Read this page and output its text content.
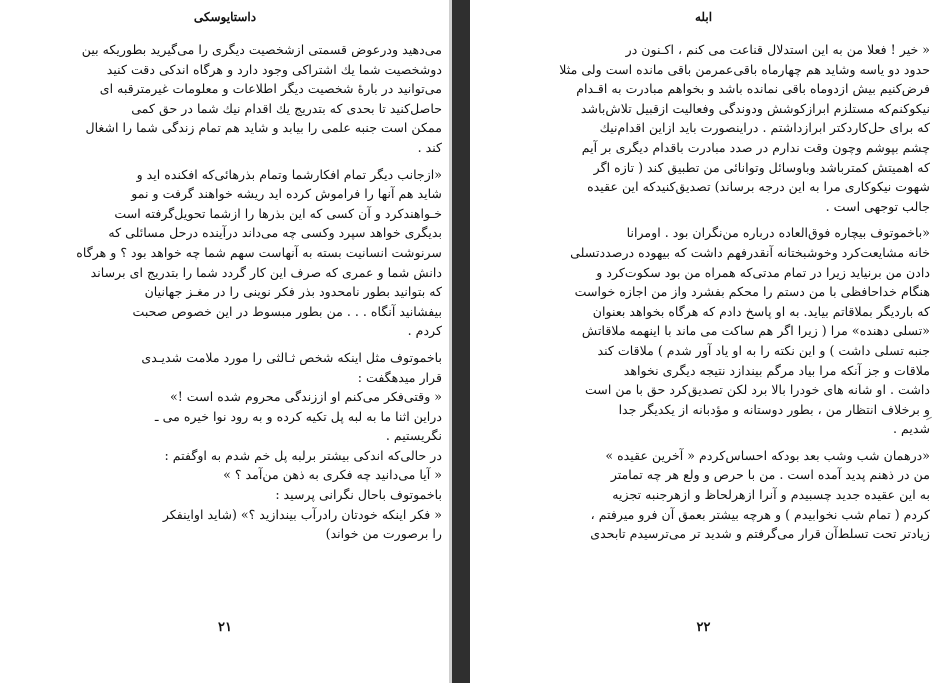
داستایوسکی
می‌دهید ودرعوض قسمتی ازشخصیت دیگری را می‌گیرید بطوریکه بین
دوشخصیت شما یك اشتراکی وجود دارد و هرگاه اندکی دقت کنید
می‌توانید در بارهٔ شخصیت دیگر اطلاعات و معلومات غیرمترقبه ای
حاصل‌کنید تا بحدی که بتدریج یك اقدام نیك شما در حق کمی
ممکن است جنبه علمی را بیابد و شاید هم تمام زندگی شما را اشغال
کند .
«ازجانب دیگر تمام افکارشما وتمام بذرهائی‌که افکنده اید و
شاید هم آنها را فراموش کرده اید ریشه خواهند گرفت و نمو
خـواهندکرد و آن کسی که این بذرها را ازشما تحویل‌گرفته است
بدیگری خواهد سپرد وکسی چه می‌داند درآینده درحل مسائلی که
سرنوشت انسانیت بسته به آنهاست سهم شما چه خواهد بود ؟ و هرگاه
دانش شما و عمری که صرف این کار گردد شما را بتدریج ای برساند
که بتوانید بطور نامحدود بذر فکر نوینی را در مغـز جهانیان
بیفشانید آنگاه . . . من بطور مبسوط در این خصوص صحبت
کردم .
باخموتوف مثل اینکه شخص ثـالثی را مورد ملامت شدیـدی
قرار میدهگفت :
« وقتی‌فکر می‌کنم او اززندگی محروم شده است !»
دراین اثنا ما به لبه پل تکیه کرده و به رود نوا خیره می ـ
نگریستیم .
در حالی‌که اندکی بیشتر برلبه پل خم شدم به اوگفتم :
« آیا می‌دانید چه فکری به ذهن من‌آمد ؟ »
باخموتوف باحال نگرانی پرسید :
« فکر اینکه خودتان رادرآب بیندازید ؟» (شاید اواینفکر
را برصورت من خواند)
۲۱
ابله
« خیر ! فعلا من به این استدلال قناعت می کنم ، اکـنون در
حدود دو یاسه وشاید هم چهارماه باقی‌عمرمن باقی مانده است ولی مثلا
فرض‌کنیم بیش ازدوماه باقی نمانده باشد و بخواهم مبادرت به اقـدام
نیکوکنم‌که مستلزم ابرازکوشش ودوندگی وفعالیت ازقبیل تلاش‌باشد
که برای حل‌کاردکتر ابرازداشتم . دراینصورت باید ازاین اقدام‌نیك
چشم بپوشم وچون وقت ندارم در صدد مبادرت باقدام دیگری بر آیم
که اهمیتش کمترباشد وباوسائل وتوانائی من تطبیق کند ( تازه اگر
شهوت نیکوکاری مرا به این درجه برساند) تصدیق‌کنیدکه این عقیده
جالب توجهی است .
«باخموتوف بیچاره فوق‌العاده درباره من‌نگران بود . اومرانا
خانه مشایعت‌کرد وخوشبختانه آنقدرفهم داشت که بیهوده درصددتسلی
دادن من برنیاید زیرا در تمام مدتی‌که همراه من بود سکوت‌کرد و
هنگام خداحافظی با من دستم را محکم بفشرد واز من اجازه خواست
که باردیگر بملاقاتم بیاید. به او پاسخ دادم که هرگاه بخواهد بعنوان
«تسلی دهنده» مرا ( زیرا اگر هم ساکت می ماند با اینهمه ملاقاتش
جنبه تسلی داشت ) و این نکته را به او یاد آور شدم ) ملاقات کند
ملاقات و جز آنکه مرا بیاد مرگم بیندازد نتیجه دیگری نخواهد
داشت . او شانه های خودرا بالا برد لکن تصدیق‌کرد حق با من است
و برخلاف انتظار من ، بطور دوستانه و مؤدبانه از یکدیگر جدا
شدیم .
«درهمان شب وشب بعد بودکه احساس‌کردم « آخرین عقیده »
من در ذهنم پدید آمده است . من با حرص و ولع هر چه تمامتر
به این عقیده جدید چسبیدم و آنرا ازهرلحاظ و ازهرجنبه تجزیه
کردم ( تمام شب نخوابیدم ) و هرچه بیشتر بعمق آن فرو میرفتم ،
زیادتر تحت تسلط‌آن قرار می‌گرفتم و شدید تر می‌ترسیدم تابحدی
۲۲
